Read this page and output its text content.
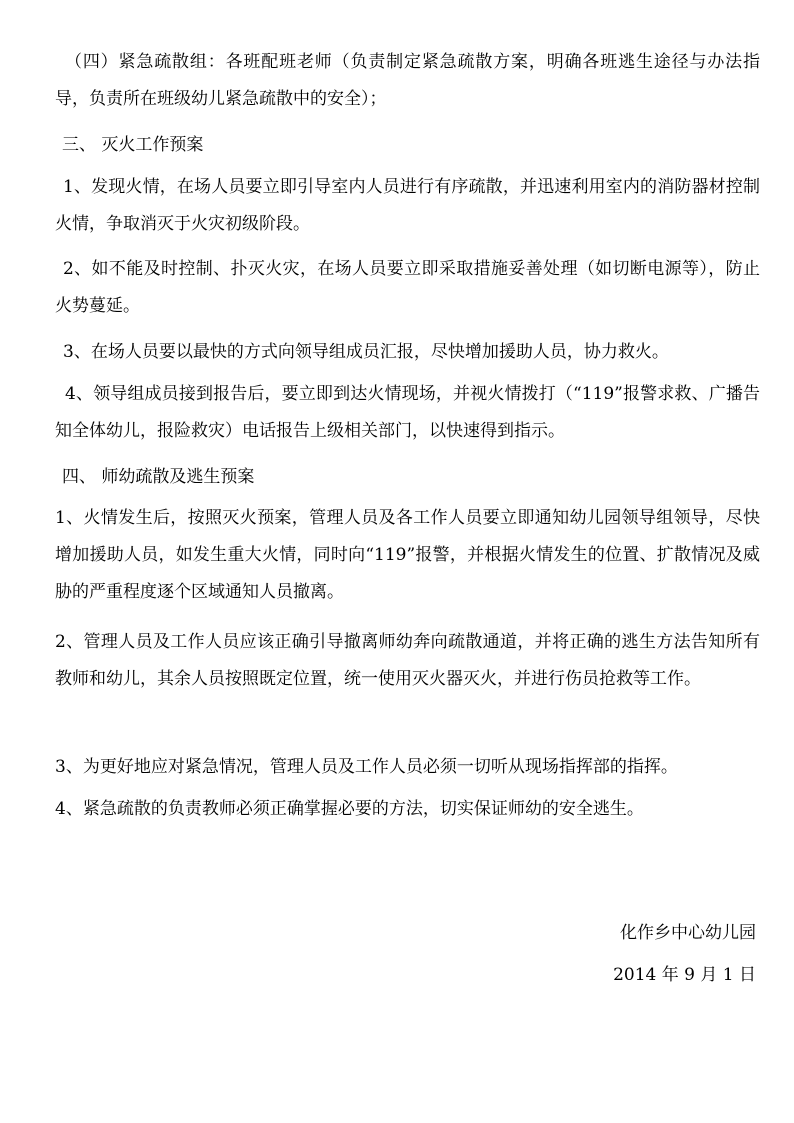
（四）紧急疏散组：各班配班老师（负责制定紧急疏散方案，明确各班逃生途径与办法指导，负责所在班级幼儿紧急疏散中的安全）；

三、 灭火工作预案

1、发现火情，在场人员要立即引导室内人员进行有序疏散，并迅速利用室内的消防器材控制火情，争取消灭于火灾初级阶段。

2、如不能及时控制、扑灭火灾，在场人员要立即采取措施妥善处理（如切断电源等），防止火势蔓延。

3、在场人员要以最快的方式向领导组成员汇报，尽快增加援助人员，协力救火。

4、领导组成员接到报告后，要立即到达火情现场，并视火情拨打（“119”报警求救、广播告知全体幼儿，报险救灾）电话报告上级相关部门，以快速得到指示。

四、 师幼疏散及逃生预案

1、火情发生后，按照灭火预案，管理人员及各工作人员要立即通知幼儿园领导组领导，尽快增加援助人员，如发生重大火情，同时向“119”报警，并根据火情发生的位置、扩散情况及威胁的严重程度逐个区域通知人员撤离。

2、管理人员及工作人员应该正确引导撤离师幼奔向疏散通道，并将正确的逃生方法告知所有教师和幼儿，其余人员按照既定位置，统一使用灭火器灭火，并进行伤员抢救等工作。

3、为更好地应对紧急情况，管理人员及工作人员必须一切听从现场指挥部的指挥。

4、紧急疏散的负责教师必须正确掌握必要的方法，切实保证师幼的安全逃生。

化作乡中心幼儿园
2014 年 9 月 1 日
